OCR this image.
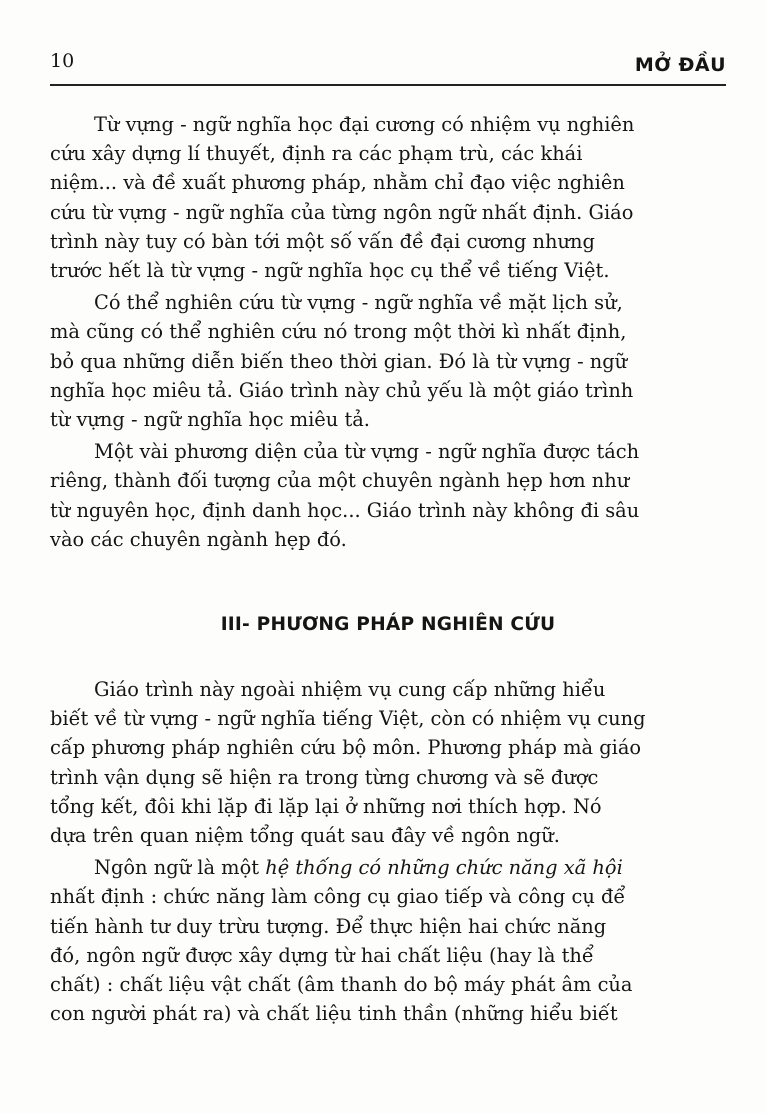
10	MỞ ĐẦU

Từ vựng - ngữ nghĩa học đại cương có nhiệm vụ nghiên
cứu xây dựng lí thuyết, định ra các phạm trù, các khái
niệm... và đề xuất phương pháp, nhằm chỉ đạo việc nghiên
cứu từ vựng - ngữ nghĩa của từng ngôn ngữ nhất định. Giáo
trình này tuy có bàn tới một số vấn đề đại cương nhưng
trước hết là từ vựng - ngữ nghĩa học cụ thể về tiếng Việt.

Có thể nghiên cứu từ vựng - ngữ nghĩa về mặt lịch sử,
mà cũng có thể nghiên cứu nó trong một thời kì nhất định,
bỏ qua những diễn biến theo thời gian. Đó là từ vựng - ngữ
nghĩa học miêu tả. Giáo trình này chủ yếu là một giáo trình
từ vựng - ngữ nghĩa học miêu tả.

Một vài phương diện của từ vựng - ngữ nghĩa được tách
riêng, thành đối tượng của một chuyên ngành hẹp hơn như
từ nguyên học, định danh học... Giáo trình này không đi sâu
vào các chuyên ngành hẹp đó.

III- PHƯƠNG PHÁP NGHIÊN CỨU

Giáo trình này ngoài nhiệm vụ cung cấp những hiểu
biết về từ vựng - ngữ nghĩa tiếng Việt, còn có nhiệm vụ cung
cấp phương pháp nghiên cứu bộ môn. Phương pháp mà giáo
trình vận dụng sẽ hiện ra trong từng chương và sẽ được
tổng kết, đôi khi lặp đi lặp lại ở những nơi thích hợp. Nó
dựa trên quan niệm tổng quát sau đây về ngôn ngữ.

Ngôn ngữ là một hệ thống có những chức năng xã hội
nhất định : chức năng làm công cụ giao tiếp và công cụ để
tiến hành tư duy trừu tượng. Để thực hiện hai chức năng
đó, ngôn ngữ được xây dựng từ hai chất liệu (hay là thể
chất) : chất liệu vật chất (âm thanh do bộ máy phát âm của
con người phát ra) và chất liệu tinh thần (những hiểu biết
